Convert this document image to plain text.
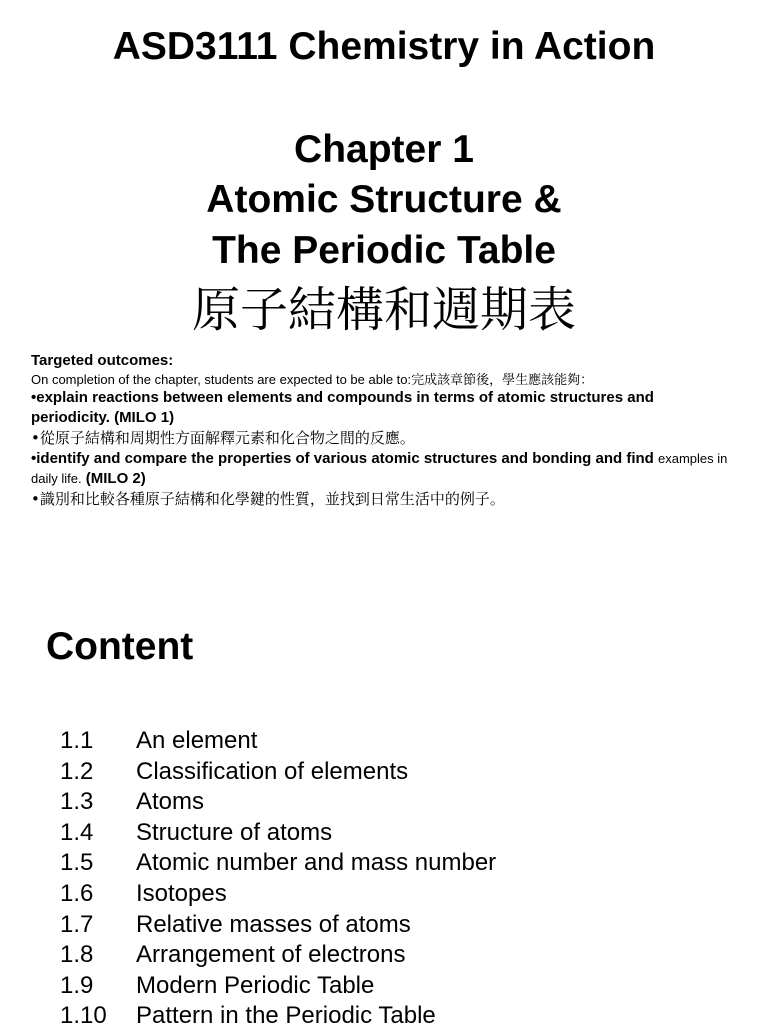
ASD3111 Chemistry in Action
Chapter 1
Atomic Structure &
The Periodic Table
原子結構和週期表

Targeted outcomes:

On completion of the chapter, students are expected to be able to:完成該章節後，學生應該能夠：

•explain reactions between elements and compounds in terms of atomic structures and periodicity. (MILO 1)

•從原子結構和周期性方面解釋元素和化合物之間的反應。

•identify and compare the properties of various atomic structures and bonding and find examples in daily life. (MILO 2)

•識別和比較各種原子結構和化學鍵的性質，並找到日常生活中的例子。

Content
1.1 An element
1.2 Classification of elements
1.3 Atoms
1.4 Structure of atoms
1.5 Atomic number and mass number
1.6 Isotopes
1.7 Relative masses of atoms
1.8 Arrangement of electrons
1.9 Modern Periodic Table
1.10 Pattern in the Periodic Table
